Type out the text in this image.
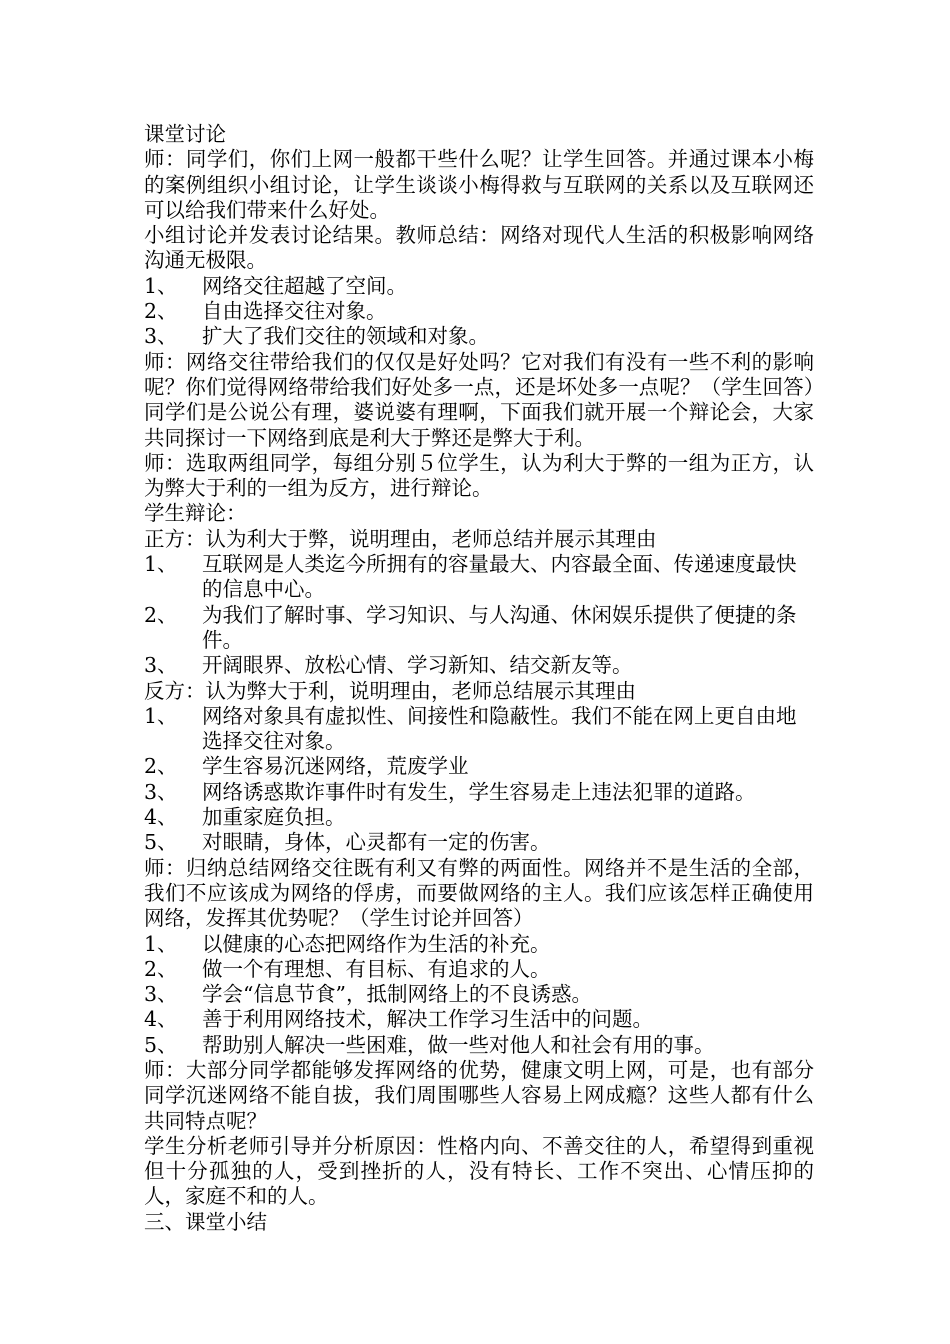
课堂讨论

师：同学们，你们上网一般都干些什么呢？让学生回答。并通过课本小梅的案例组织小组讨论，让学生谈谈小梅得救与互联网的关系以及互联网还可以给我们带来什么好处。

小组讨论并发表讨论结果。教师总结：网络对现代人生活的积极影响网络沟通无极限。

1、	网络交往超越了空间。
2、	自由选择交往对象。
3、	扩大了我们交往的领域和对象。

师：网络交往带给我们的仅仅是好处吗？它对我们有没有一些不利的影响呢？你们觉得网络带给我们好处多一点，还是坏处多一点呢？（学生回答）同学们是公说公有理，婆说婆有理啊，下面我们就开展一个辩论会，大家共同探讨一下网络到底是利大于弊还是弊大于利。

师：选取两组同学，每组分别５位学生，认为利大于弊的一组为正方，认为弊大于利的一组为反方，进行辩论。

学生辩论：

正方：认为利大于弊，说明理由，老师总结并展示其理由

1、	互联网是人类迄今所拥有的容量最大、内容最全面、传递速度最快的信息中心。
2、	为我们了解时事、学习知识、与人沟通、休闲娱乐提供了便捷的条件。
3、	开阔眼界、放松心情、学习新知、结交新友等。

反方：认为弊大于利，说明理由，老师总结展示其理由

1、	网络对象具有虚拟性、间接性和隐蔽性。我们不能在网上更自由地选择交往对象。
2、	学生容易沉迷网络，荒废学业
3、	网络诱惑欺诈事件时有发生，学生容易走上违法犯罪的道路。
4、	加重家庭负担。
5、	对眼睛，身体，心灵都有一定的伤害。

师：归纳总结网络交往既有利又有弊的两面性。网络并不是生活的全部，我们不应该成为网络的俘虏，而要做网络的主人。我们应该怎样正确使用网络，发挥其优势呢？（学生讨论并回答）

1、	以健康的心态把网络作为生活的补充。
2、	做一个有理想、有目标、有追求的人。
3、	学会“信息节食”，抵制网络上的不良诱惑。
4、	善于利用网络技术，解决工作学习生活中的问题。
5、	帮助别人解决一些困难，做一些对他人和社会有用的事。

师：大部分同学都能够发挥网络的优势，健康文明上网，可是，也有部分同学沉迷网络不能自拔，我们周围哪些人容易上网成瘾？这些人都有什么共同特点呢？

学生分析老师引导并分析原因：性格内向、不善交往的人，希望得到重视但十分孤独的人，受到挫折的人，没有特长、工作不突出、心情压抑的人，家庭不和的人。

三、课堂小结
